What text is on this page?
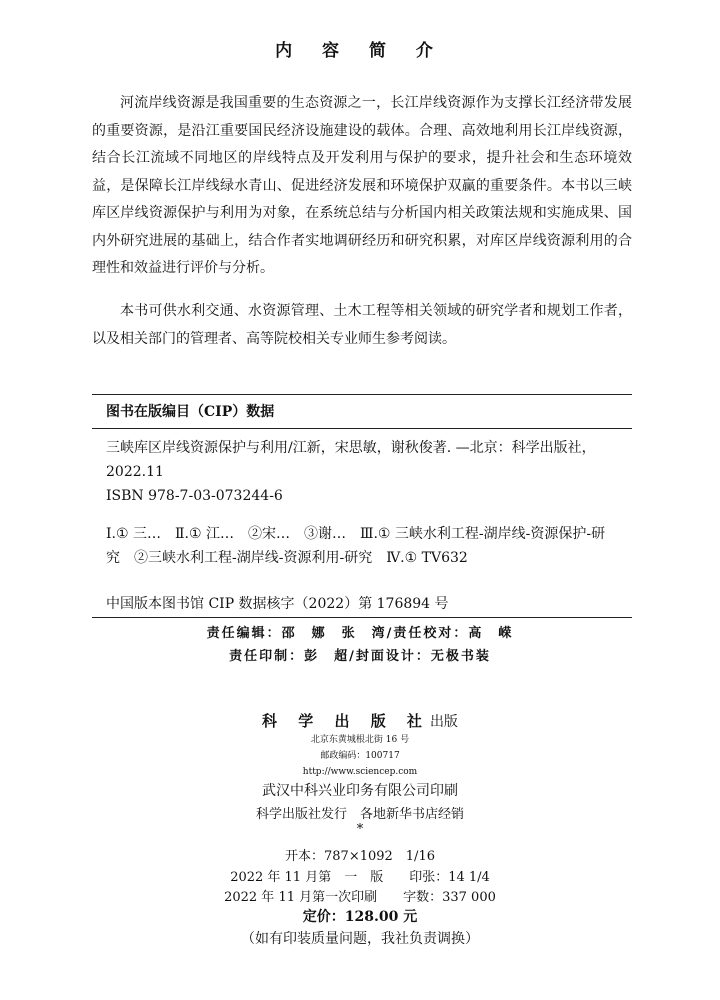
内 容 简 介

河流岸线资源是我国重要的生态资源之一，长江岸线资源作为支撑长江经济带发展的重要资源，是沿江重要国民经济设施建设的载体。合理、高效地利用长江岸线资源，结合长江流域不同地区的岸线特点及开发利用与保护的要求，提升社会和生态环境效益，是保障长江岸线绿水青山、促进经济发展和环境保护双赢的重要条件。本书以三峡库区岸线资源保护与利用为对象，在系统总结与分析国内相关政策法规和实施成果、国内外研究进展的基础上，结合作者实地调研经历和研究积累，对库区岸线资源利用的合理性和效益进行评价与分析。

本书可供水利交通、水资源管理、土木工程等相关领域的研究学者和规划工作者，以及相关部门的管理者、高等院校相关专业师生参考阅读。

图书在版编目（CIP）数据

三峡库区岸线资源保护与利用/江新，宋思敏，谢秋俊著. —北京：科学出版社，2022.11

ISBN 978-7-03-073244-6

Ⅰ.① 三…　Ⅱ.① 江…　②宋…　③谢…　Ⅲ.① 三峡水利工程-湖岸线-资源保护-研究　②三峡水利工程-湖岸线-资源利用-研究　Ⅳ.① TV632

中国版本图书馆 CIP 数据核字（2022）第 176894 号

责任编辑：邵　娜　张　湾/责任校对：高　嵘
责任印制：彭　超/封面设计：无极书装
科 学 出 版 社出版
北京东黄城根北街 16 号
邮政编码：100717
http://www.sciencep.com
武汉中科兴业印务有限公司印刷
科学出版社发行　各地新华书店经销
*
开本：787×1092　1/16
2022 年 11 月第　一　版　　印张：14 1/4
2022 年 11 月第一次印刷　　字数：337 000
定价：128.00 元
（如有印装质量问题，我社负责调换）
